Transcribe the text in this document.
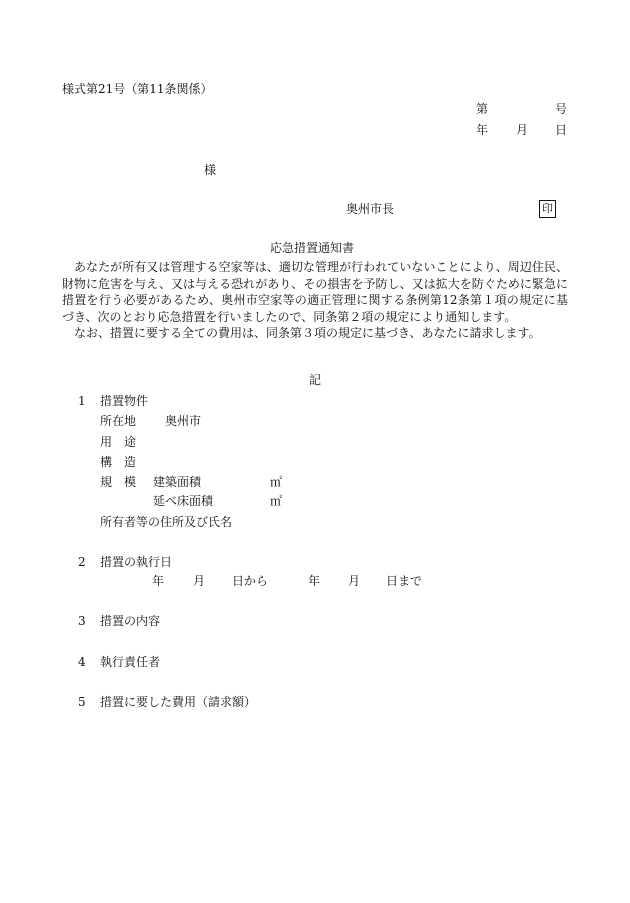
様式第21号（第11条関係）
第	号
年 月 日
様
奥州市長	印
応急措置通知書

あなたが所有又は管理する空家等は、適切な管理が行われていないことにより、周辺住民、財物に危害を与え、又は与える恐れがあり、その損害を予防し、又は拡大を防ぐために緊急に措置を行う必要があるため、奥州市空家等の適正管理に関する条例第12条第１項の規定に基づき、次のとおり応急措置を行いましたので、同条第２項の規定により通知します。

なお、措置に要する全ての費用は、同条第３項の規定に基づき、あなたに請求します。

記
1 措置物件
所在地 奥州市
用　途
構　造
規　模 建築面積	㎡
延べ床面積	㎡
所有者等の住所及び氏名
2 措置の執行日
年 月 日から	年 月 日まで
3 措置の内容
4 執行責任者
5 措置に要した費用（請求額）
